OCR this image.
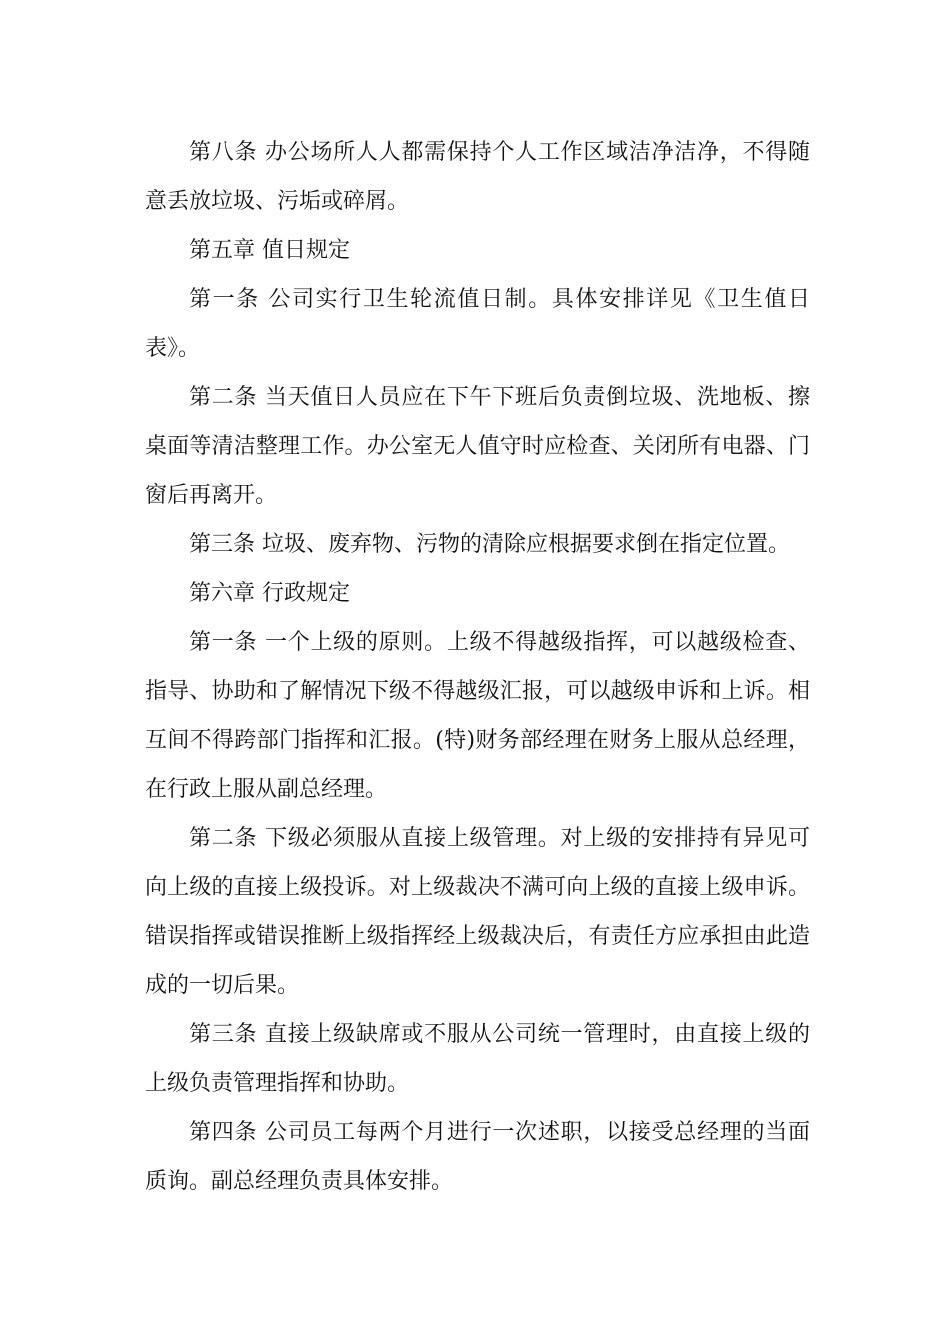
第八条 办公场所人人都需保持个人工作区域洁净洁净，不得随意丢放垃圾、污垢或碎屑。

第五章 值日规定

第一条 公司实行卫生轮流值日制。具体安排详见《卫生值日表》。

第二条 当天值日人员应在下午下班后负责倒垃圾、洗地板、擦桌面等清洁整理工作。办公室无人值守时应检查、关闭所有电器、门窗后再离开。

第三条 垃圾、废弃物、污物的清除应根据要求倒在指定位置。

第六章 行政规定

第一条 一个上级的原则。上级不得越级指挥，可以越级检查、指导、协助和了解情况下级不得越级汇报，可以越级申诉和上诉。相互间不得跨部门指挥和汇报。(特)财务部经理在财务上服从总经理，在行政上服从副总经理。

第二条 下级必须服从直接上级管理。对上级的安排持有异见可向上级的直接上级投诉。对上级裁决不满可向上级的直接上级申诉。错误指挥或错误推断上级指挥经上级裁决后，有责任方应承担由此造成的一切后果。

第三条 直接上级缺席或不服从公司统一管理时，由直接上级的上级负责管理指挥和协助。

第四条 公司员工每两个月进行一次述职，以接受总经理的当面质询。副总经理负责具体安排。
